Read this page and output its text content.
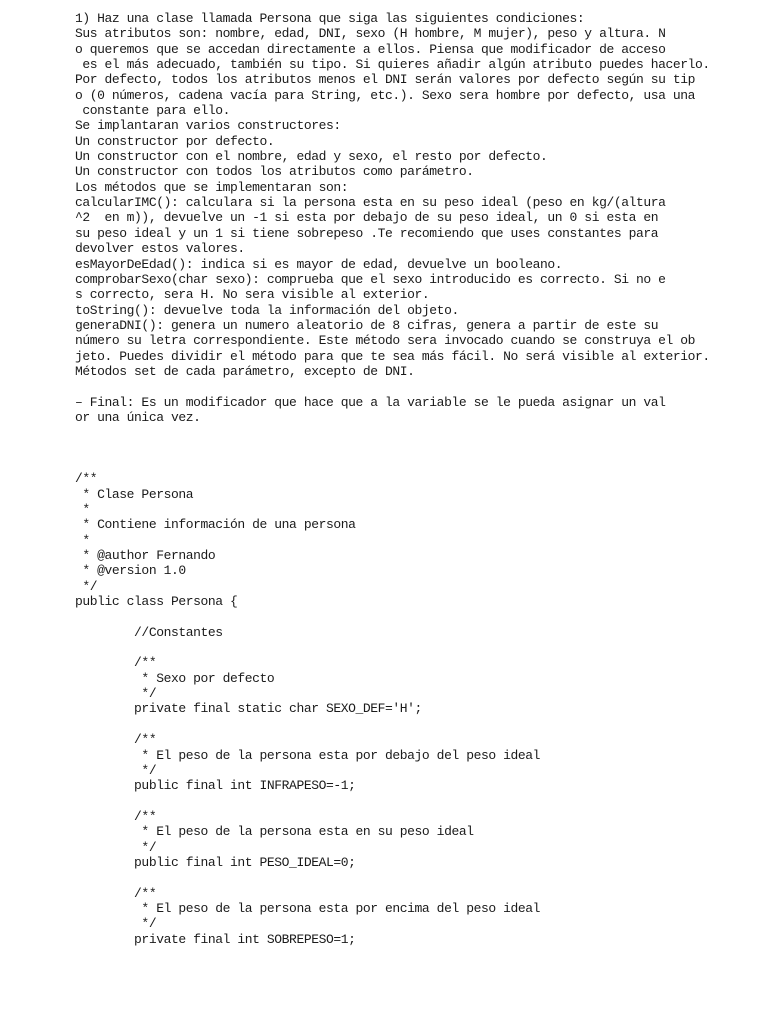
1) Haz una clase llamada Persona que siga las siguientes condiciones:
Sus atributos son: nombre, edad, DNI, sexo (H hombre, M mujer), peso y altura. N
o queremos que se accedan directamente a ellos. Piensa que modificador de acceso
es el más adecuado, también su tipo. Si quieres añadir algún atributo puedes hacerlo.
Por defecto, todos los atributos menos el DNI serán valores por defecto según su tip
o (0 números, cadena vacía para String, etc.). Sexo sera hombre por defecto, usa una
constante para ello.
Se implantaran varios constructores:
Un constructor por defecto.
Un constructor con el nombre, edad y sexo, el resto por defecto.
Un constructor con todos los atributos como parámetro.
Los métodos que se implementaran son:
calcularIMC(): calculara si la persona esta en su peso ideal (peso en kg/(altura
^2  en m)), devuelve un -1 si esta por debajo de su peso ideal, un 0 si esta en
su peso ideal y un 1 si tiene sobrepeso .Te recomiendo que uses constantes para
devolver estos valores.
esMayorDeEdad(): indica si es mayor de edad, devuelve un booleano.
comprobarSexo(char sexo): comprueba que el sexo introducido es correcto. Si no e
s correcto, sera H. No sera visible al exterior.
toString(): devuelve toda la información del objeto.
generaDNI(): genera un numero aleatorio de 8 cifras, genera a partir de este su
número su letra correspondiente. Este método sera invocado cuando se construya el ob
jeto. Puedes dividir el método para que te sea más fácil. No será visible al exterior.
Métodos set de cada parámetro, excepto de DNI.
– Final: Es un modificador que hace que a la variable se le pueda asignar un val
or una única vez.
/**
* Clase Persona
*
* Contiene información de una persona
*
* @author Fernando
* @version 1.0
*/
public class Persona {
//Constantes
/**
* Sexo por defecto
*/
private final static char SEXO_DEF='H';
/**
* El peso de la persona esta por debajo del peso ideal
*/
public final int INFRAPESO=-1;
/**
* El peso de la persona esta en su peso ideal
*/
public final int PESO_IDEAL=0;
/**
* El peso de la persona esta por encima del peso ideal
*/
private final int SOBREPESO=1;
